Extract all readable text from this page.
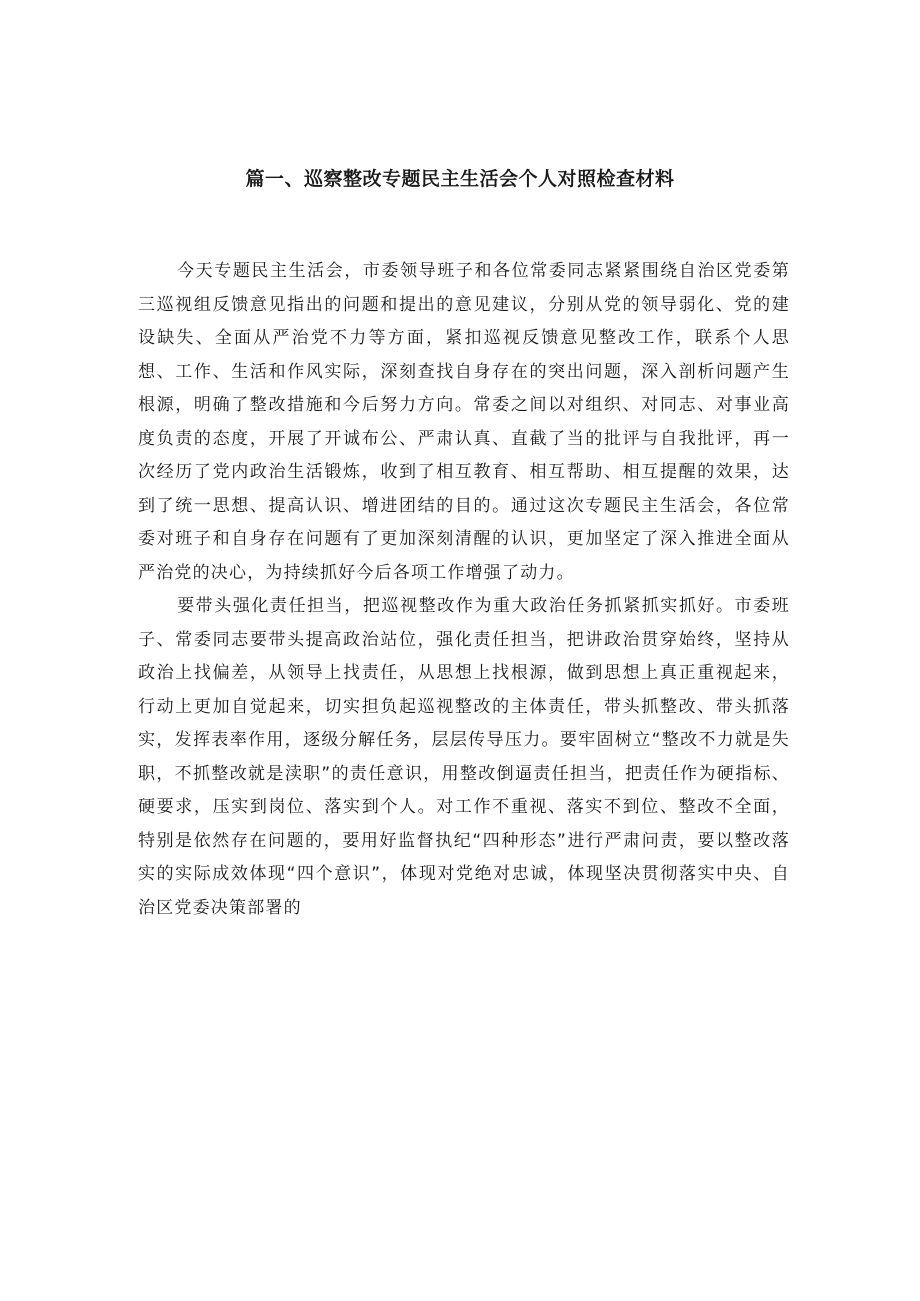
篇一、巡察整改专题民主生活会个人对照检查材料

今天专题民主生活会，市委领导班子和各位常委同志紧紧围绕自治区党委第三巡视组反馈意见指出的问题和提出的意见建议，分别从党的领导弱化、党的建设缺失、全面从严治党不力等方面，紧扣巡视反馈意见整改工作，联系个人思想、工作、生活和作风实际，深刻查找自身存在的突出问题，深入剖析问题产生根源，明确了整改措施和今后努力方向。常委之间以对组织、对同志、对事业高度负责的态度，开展了开诚布公、严肃认真、直截了当的批评与自我批评，再一次经历了党内政治生活锻炼，收到了相互教育、相互帮助、相互提醒的效果，达到了统一思想、提高认识、增进团结的目的。通过这次专题民主生活会，各位常委对班子和自身存在问题有了更加深刻清醒的认识，更加坚定了深入推进全面从严治党的决心，为持续抓好今后各项工作增强了动力。

要带头强化责任担当，把巡视整改作为重大政治任务抓紧抓实抓好。市委班子、常委同志要带头提高政治站位，强化责任担当，把讲政治贯穿始终，坚持从政治上找偏差，从领导上找责任，从思想上找根源，做到思想上真正重视起来，行动上更加自觉起来，切实担负起巡视整改的主体责任，带头抓整改、带头抓落实，发挥表率作用，逐级分解任务，层层传导压力。要牢固树立“整改不力就是失职，不抓整改就是渎职”的责任意识，用整改倒逼责任担当，把责任作为硬指标、硬要求，压实到岗位、落实到个人。对工作不重视、落实不到位、整改不全面，特别是依然存在问题的，要用好监督执纪“四种形态”进行严肃问责，要以整改落实的实际成效体现“四个意识”，体现对党绝对忠诚，体现坚决贯彻落实中央、自治区党委决策部署的
